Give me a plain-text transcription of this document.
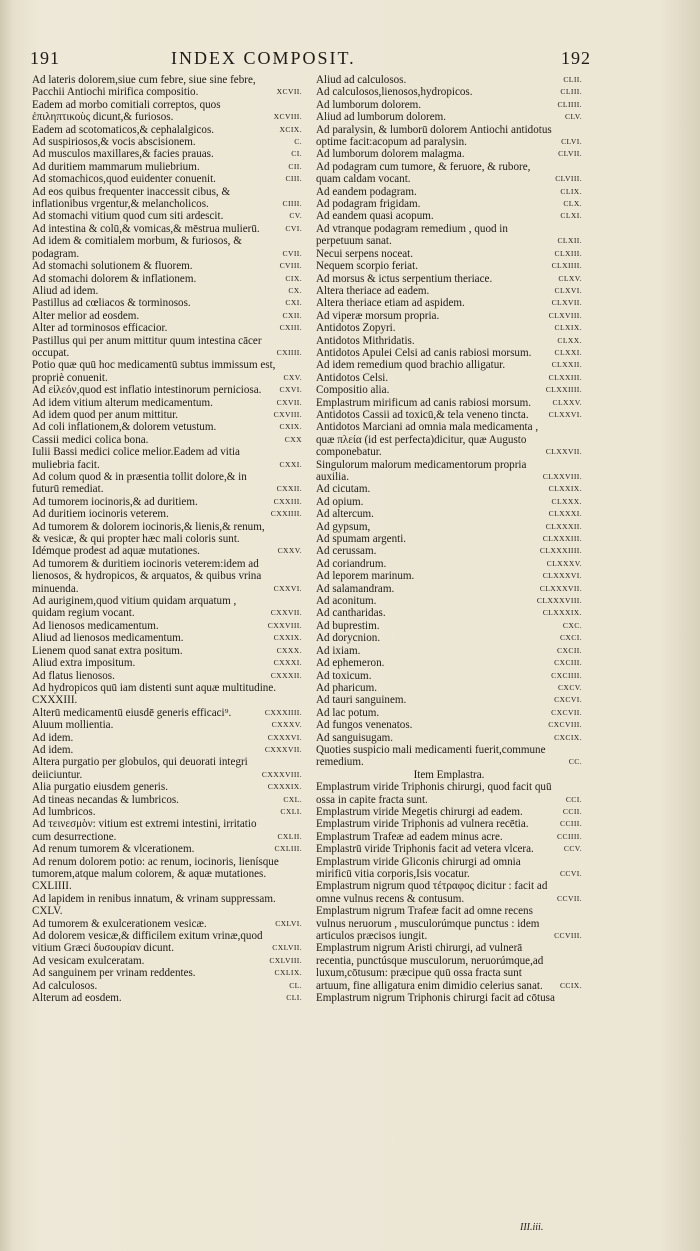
191	INDEX COMPOSIT.	192
Ad lateris dolorem,siue cum febre, siue sine febre, Pacchii Antiochi mirifica compositio.	XCVII.
Eadem ad morbo comitiali correptos, quos ἐπιληπτικοὺς dicunt,& furiosos.	XCVIII.
Eadem ad scotomaticos,& cephalalgicos.	XCIX.
Ad suspiriosos,& vocis abscisionem.	C.
Ad musculos maxillares,& facies prauas.	CI.
Ad duritiem mammarum muliebrium.	CII.
Ad stomachicos,quod euidenter conuenit.	CIII.
Ad eos quibus frequenter inaccessit cibus, & inflationibus vrgentur,& melancholicos.	CIIII.
Ad stomachi vitium quod cum siti ardescit.	CV.
Ad intestina & colū,& vomicas,& mēstrua mulierū.	CVI.
Ad idem & comitialem morbum, & furiosos, & podagram.	CVII.
Ad stomachi solutionem & fluorem.	CVIII.
Ad stomachi dolorem & inflationem.	CIX.
Aliud ad idem.	CX.
Pastillus ad cœliacos & torminosos.	CXI.
Alter melior ad eosdem.	CXII.
Alter ad torminosos efficacior.	CXIII.
Pastillus qui per anum mittitur quum intestina cācer occupat.	CXIIII.
Potio quæ quū hoc medicamentū subtus immissum est, propriè conuenit.	CXV.
Ad εἰλεόν,quod est inflatio intestinorum perniciosa.	CXVI.
Ad idem vitium alterum medicamentum.	CXVII.
Ad idem quod per anum mittitur.	CXVIII.
Ad coli inflationem,& dolorem vetustum.	CXIX.
Cassii medici colica bona.	CXX
Iulii Bassi medici colice melior.Eadem ad vitia muliebria facit.	CXXI.
Ad colum quod & in præsentia tollit dolore,& in futurū remediat.	CXXII.
Ad tumorem iocinoris,& ad duritiem.	CXXIII.
Ad duritiem iocinoris veterem.	CXXIIII.
Ad tumorem & dolorem iocinoris,& lienis,& renum, & vesicæ, & qui propter hæc mali coloris sunt. Idémque prodest ad aquæ mutationes.	CXXV.
Ad tumorem & duritiem iocinoris veterem:idem ad lienosos, & hydropicos, & arquatos, & quibus vrina minuenda.	CXXVI.
Ad auriginem,quod vitium quidam arquatum , quidam regium vocant.	CXXVII.
Ad lienosos medicamentum.	CXXVIII.
Aliud ad lienosos medicamentum.	CXXIX.
Lienem quod sanat extra positum.	CXXX.
Aliud extra impositum.	CXXXI.
Ad flatus lienosos.	CXXXII.
Ad hydropicos quū iam distenti sunt aquæ multitudine. CXXXIII.
Alterū medicamentū eiusdē generis efficaci⁹.	CXXXIIII.
Aluum mollientia.	CXXXV.
Ad idem.	CXXXVI.
Ad idem.	CXXXVII.
Altera purgatio per globulos, qui deuorati integri deiiciuntur.	CXXXVIII.
Alia purgatio eiusdem generis.	CXXXIX.
Ad tineas necandas & lumbricos.	CXL.
Ad lumbricos.	CXLI.
Ad τεινεσμὸν: vitium est extremi intestini, irritatio cum desurrectione.	CXLII.
Ad renum tumorem & vlcerationem.	CXLIII.
Ad renum dolorem potio: ac renum, iocinoris, lienísque tumorem,atque malum colorem, & aquæ mutationes. CXLIIII.
Ad lapidem in renibus innatum, & vrinam suppressam. CXLV.
Ad tumorem & exulcerationem vesicæ.	CXLVI.
Ad dolorem vesicæ,& difficilem exitum vrinæ,quod vitium Græci δυσουρίαν dicunt.	CXLVII.
Ad vesicam exulceratam.	CXLVIII.
Ad sanguinem per vrinam reddentes.	CXLIX.
Ad calculosos.	CL.
Alterum ad eosdem.	CLI.
Aliud ad calculosos.	CLII.
Ad calculosos,lienosos,hydropicos.	CLIII.
Ad lumborum dolorem.	CLIIII.
Aliud ad lumborum dolorem.	CLV.
Ad paralysin, & lumborū dolorem Antiochi antidotus optime facit:acopum ad paralysin.	CLVI.
Ad lumborum dolorem malagma.	CLVII.
Ad podagram cum tumore, & feruore, & rubore, quam caldam vocant.	CLVIII.
Ad eandem podagram.	CLIX.
Ad podagram frigidam.	CLX.
Ad eandem quasi acopum.	CLXI.
Ad vtranque podagram remedium , quod in perpetuum sanat.	CLXII.
Necui serpens noceat.	CLXIII.
Nequem scorpio feriat.	CLXIIII.
Ad morsus & ictus serpentium theriace.	CLXV.
Altera theriace ad eadem.	CLXVI.
Altera theriace etiam ad aspidem.	CLXVII.
Ad viperæ morsum propria.	CLXVIII.
Antidotos Zopyri.	CLXIX.
Antidotos Mithridatis.	CLXX.
Antidotos Apulei Celsi ad canis rabiosi morsum.	CLXXI.
Ad idem remedium quod brachio alligatur.	CLXXII.
Antidotos Celsi.	CLXXIII.
Compositio alia.	CLXXIIII.
Emplastrum mirificum ad canis rabiosi morsum.	CLXXV.
Antidotos Cassii ad toxicū,& tela veneno tincta.	CLXXVI.
Antidotos Marciani ad omnia mala medicamenta , quæ πλεία (id est perfecta)dicitur, quæ Augusto componebatur.	CLXXVII.
Singulorum malorum medicamentorum propria auxilia.	CLXXVIII.
Ad cicutam.	CLXXIX.
Ad opium.	CLXXX.
Ad altercum.	CLXXXI.
Ad gypsum,	CLXXXII.
Ad spumam argenti.	CLXXXIII.
Ad cerussam.	CLXXXIIII.
Ad coriandrum.	CLXXXV.
Ad leporem marinum.	CLXXXVI.
Ad salamandram.	CLXXXVII.
Ad aconitum.	CLXXXVIII.
Ad cantharidas.	CLXXXIX.
Ad buprestim.	CXC.
Ad dorycnion.	CXCI.
Ad ixiam.	CXCII.
Ad ephemeron.	CXCIII.
Ad toxicum.	CXCIIII.
Ad pharicum.	CXCV.
Ad tauri sanguinem.	CXCVI.
Ad lac potum.	CXCVII.
Ad fungos venenatos.	CXCVIII.
Ad sanguisugam.	CXCIX.
Quoties suspicio mali medicamenti fuerit,commune remedium.	CC.
Item Emplastra.
Emplastrum viride Triphonis chirurgi, quod facit quū ossa in capite fracta sunt.	CCI.
Emplastrum viride Megetis chirurgi ad eadem.	CCII.
Emplastrum viride Triphonis ad vulnera recētia.	CCIII.
Emplastrum Trafeæ ad eadem minus acre.	CCIIII.
Emplastrū viride Triphonis facit ad vetera vlcera.	CCV.
Emplastrum viride Gliconis chirurgi ad omnia mirificū vitia corporis,Isis vocatur.	CCVI.
Emplastrum nigrum quod τέτραφος dicitur : facit ad omne vulnus recens & contusum.	CCVII.
Emplastrum nigrum Trafeæ facit ad omne recens vulnus neruorum , musculorúmque punctus : idem articulos præcisos iungit.	CCVIII.
Emplastrum nigrum Aristi chirurgi, ad vulnerā recentia, punctúsque musculorum, neruorúmque,ad luxum,cōtusum: præcipue quū ossa fracta sunt artuum, fine alligatura enim dimidio celerius sanat.	CCIX.
Emplastrum nigrum Triphonis chirurgi facit ad cōtusa
III.iii.
